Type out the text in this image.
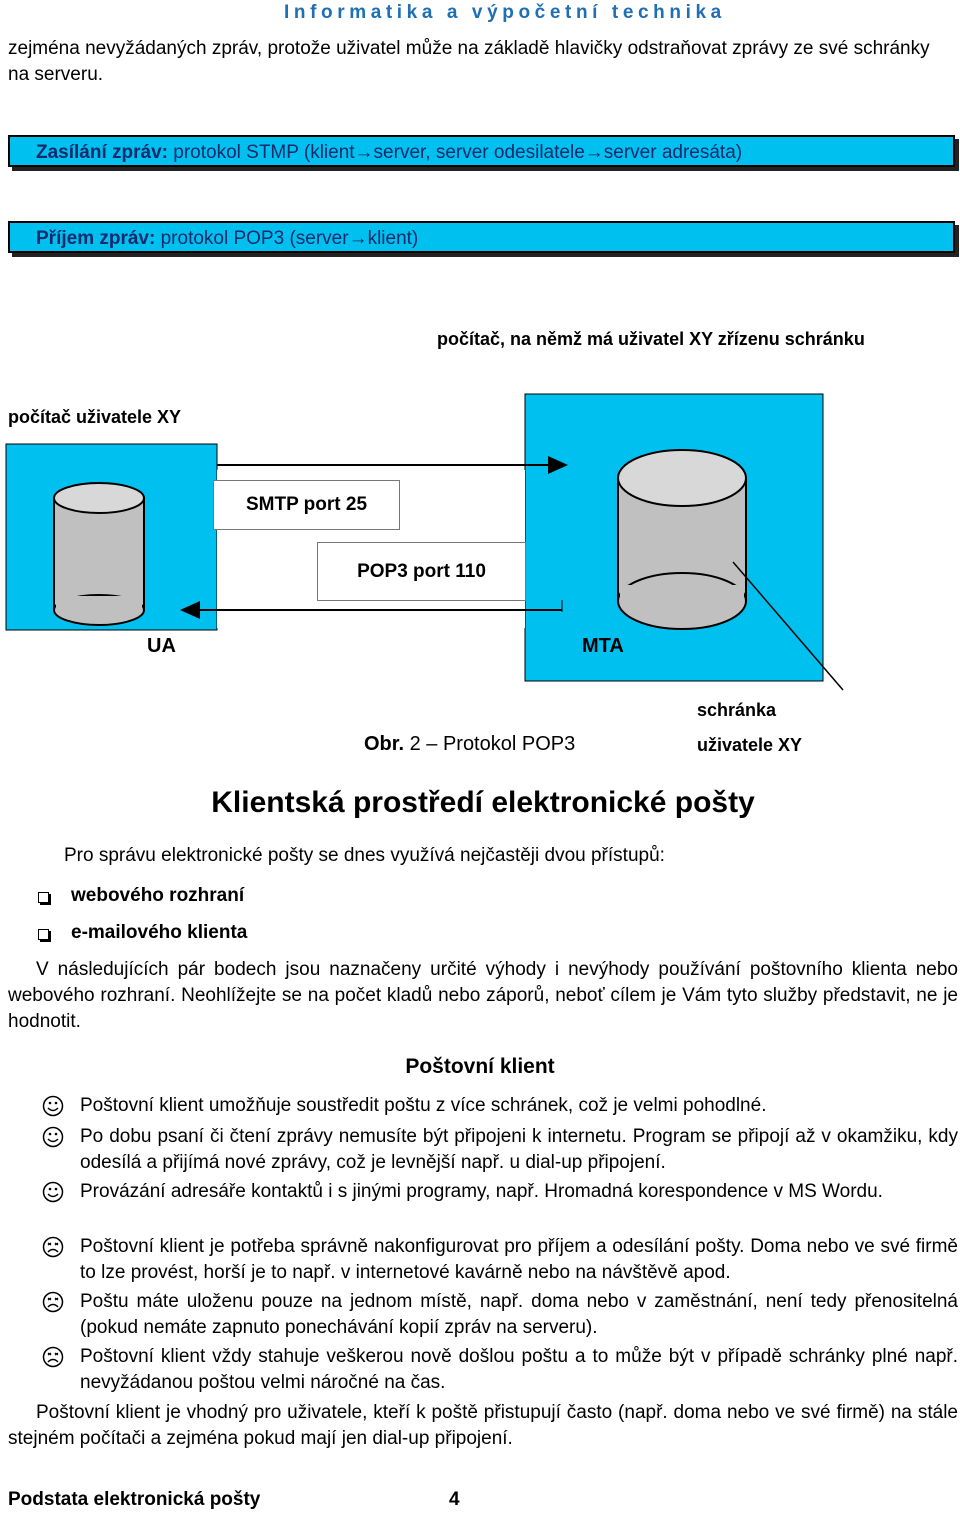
Informatika a výpočetní technika
zejména nevyžádaných zpráv, protože uživatel může na základě hlavičky odstraňovat zprávy ze své schránky na serveru.
Zasílání zpráv: protokol STMP (klient→server, server odesilatele→server adresáta)
Příjem zpráv: protokol POP3 (server→klient)
počítač, na němž má uživatel XY zřízenu schránku
počítač uživatele XY
SMTP port 25
POP3 port 110
UA	MTA
schránka
uživatele XY
Obr. 2 – Protokol POP3
Klientská prostředí elektronické pošty
Pro správu elektronické pošty se dnes využívá nejčastěji dvou přístupů:
webového rozhraní
e-mailového klienta
V následujících pár bodech jsou naznačeny určité výhody i nevýhody používání poštovního klienta nebo webového rozhraní. Neohlížejte se na počet kladů nebo záporů, neboť cílem je Vám tyto služby představit, ne je hodnotit.
Poštovní klient
Poštovní klient umožňuje soustředit poštu z více schránek, což je velmi pohodlné.
Po dobu psaní či čtení zprávy nemusíte být připojeni k internetu. Program se připojí až v okamžiku, kdy odesílá a přijímá nové zprávy, což je levnější např. u dial-up připojení.
Provázání adresáře kontaktů i s jinými programy, např. Hromadná korespondence v MS Wordu.
Poštovní klient je potřeba správně nakonfigurovat pro příjem a odesílání pošty. Doma nebo ve své firmě to lze provést, horší je to např. v internetové kavárně nebo na návštěvě apod.
Poštu máte uloženu pouze na jednom místě, např. doma nebo v zaměstnání, není tedy přenositelná (pokud nemáte zapnuto ponechávání kopií zpráv na serveru).
Poštovní klient vždy stahuje veškerou nově došlou poštu a to může být v případě schránky plné např. nevyžádanou poštou velmi náročné na čas.
Poštovní klient je vhodný pro uživatele, kteří k poště přistupují často (např. doma nebo ve své firmě) na stále stejném počítači a zejména pokud mají jen dial-up připojení.
Podstata elektronická pošty	4
